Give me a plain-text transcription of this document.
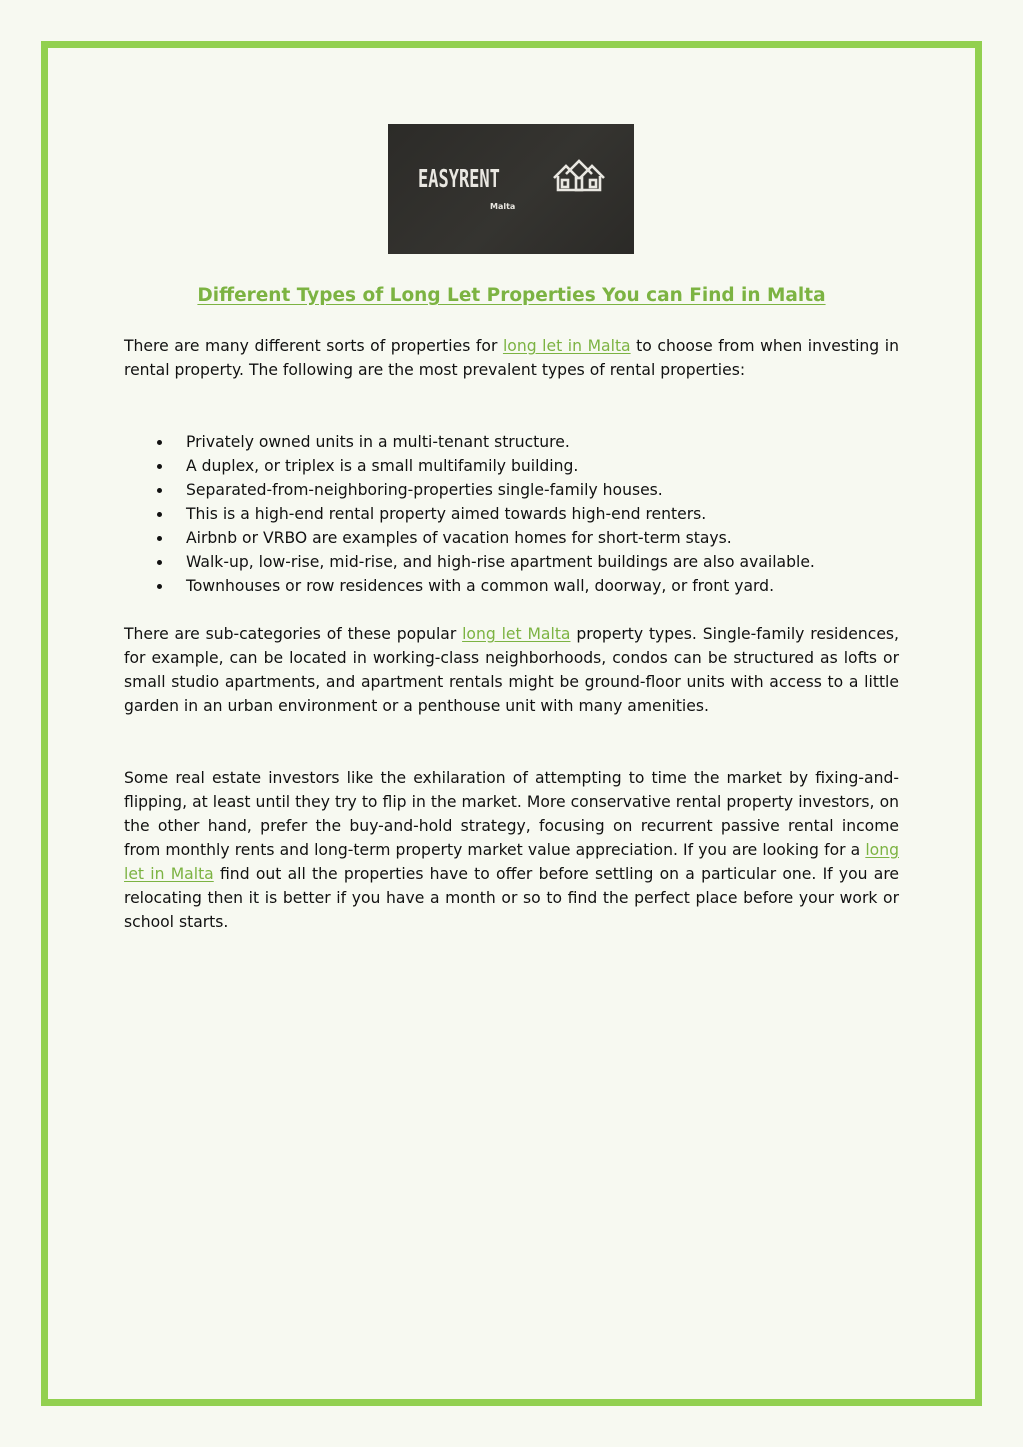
EASYRENT
Malta
Different Types of Long Let Properties You can Find in Malta

There are many different sorts of properties for long let in Malta to choose from when investing in rental property. The following are the most prevalent types of rental properties:

Privately owned units in a multi-tenant structure.
A duplex, or triplex is a small multifamily building.
Separated-from-neighboring-properties single-family houses.
This is a high-end rental property aimed towards high-end renters.
Airbnb or VRBO are examples of vacation homes for short-term stays.
Walk-up, low-rise, mid-rise, and high-rise apartment buildings are also available.
Townhouses or row residences with a common wall, doorway, or front yard.

There are sub-categories of these popular long let Malta property types. Single-family residences, for example, can be located in working-class neighborhoods, condos can be structured as lofts or small studio apartments, and apartment rentals might be ground-floor units with access to a little garden in an urban environment or a penthouse unit with many amenities.

Some real estate investors like the exhilaration of attempting to time the market by fixing-and-flipping, at least until they try to flip in the market. More conservative rental property investors, on the other hand, prefer the buy-and-hold strategy, focusing on recurrent passive rental income from monthly rents and long-term property market value appreciation. If you are looking for a long let in Malta find out all the properties have to offer before settling on a particular one. If you are relocating then it is better if you have a month or so to find the perfect place before your work or school starts.
